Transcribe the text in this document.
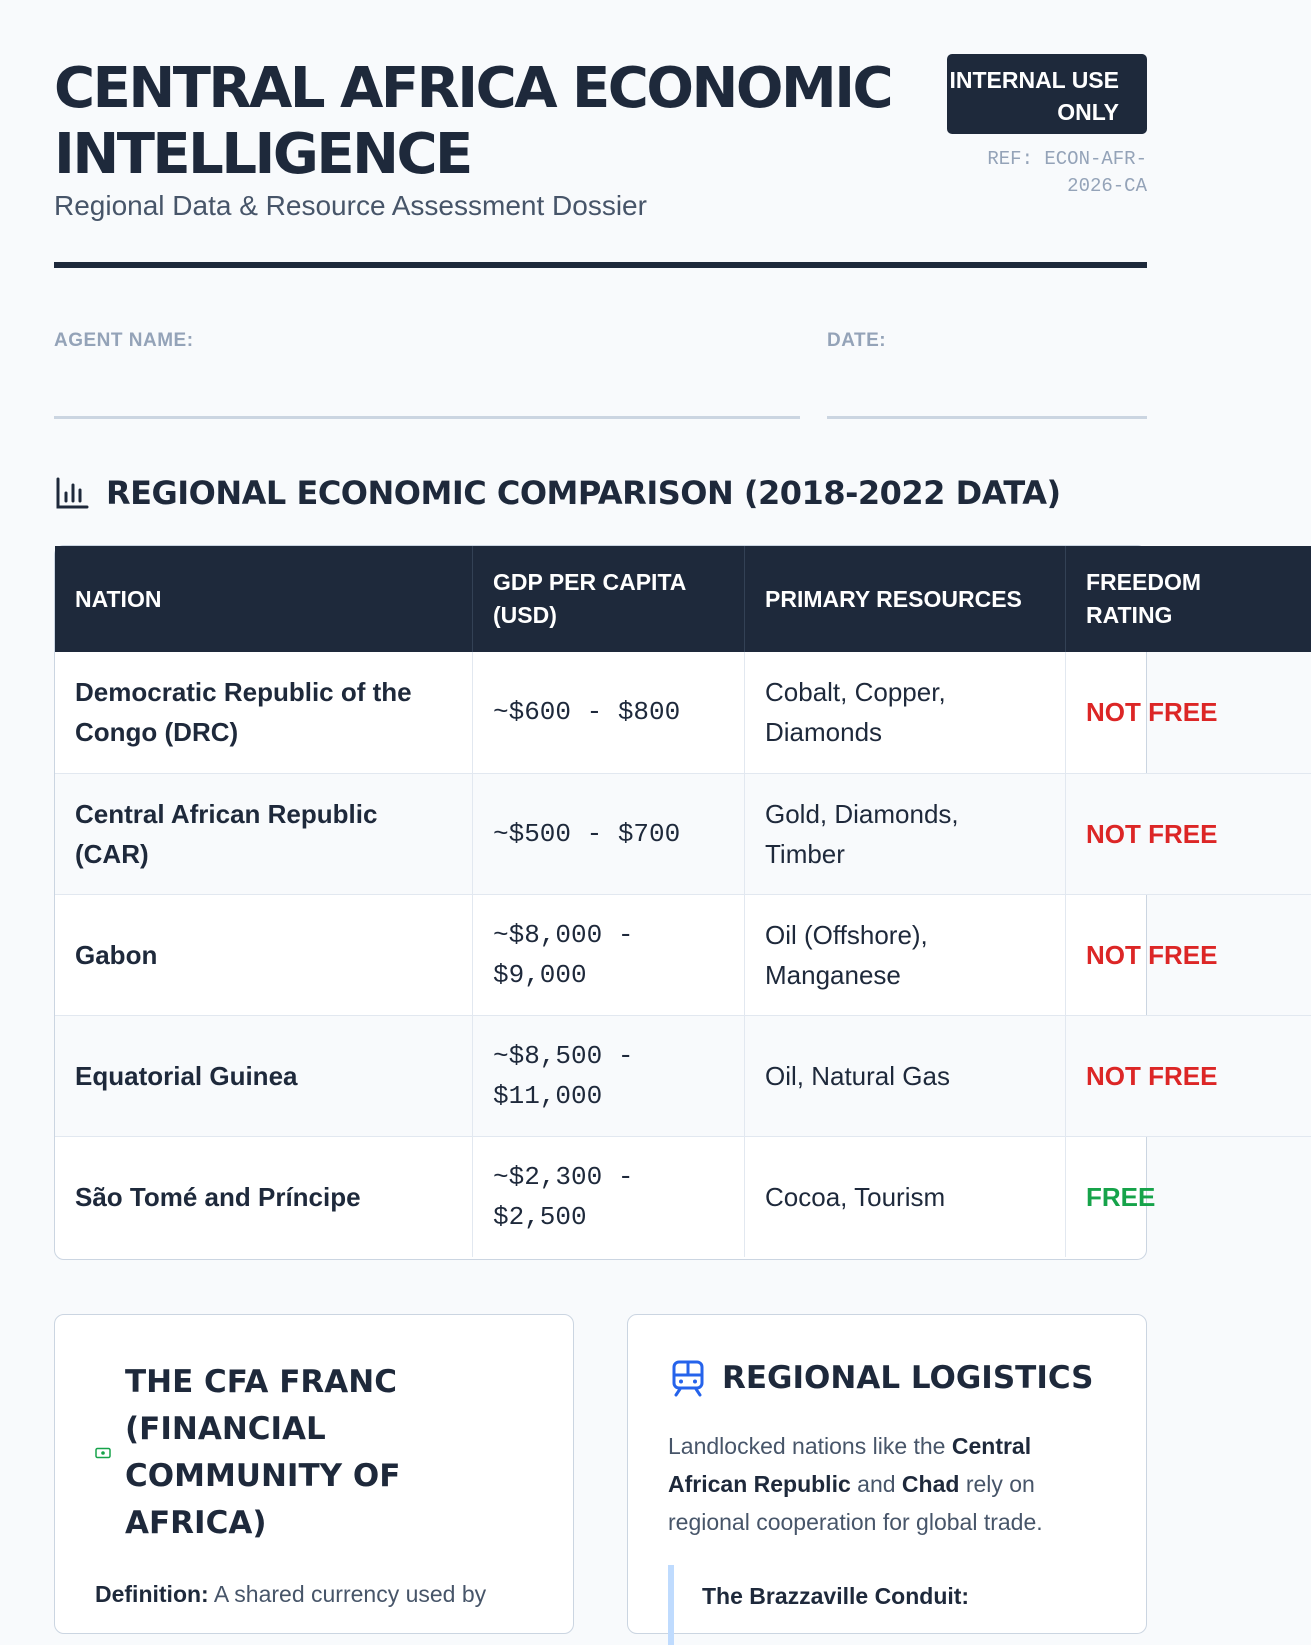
CENTRAL AFRICA ECONOMIC INTELLIGENCE
Regional Data & Resource Assessment Dossier
INTERNAL USE ONLY
REF: ECON-AFR-2026-CA
AGENT NAME:	DATE:
REGIONAL ECONOMIC COMPARISON (2018-2022 DATA)
NATION	GDP PER CAPITA (USD)	PRIMARY RESOURCES	FREEDOM RATING
Democratic Republic of the Congo (DRC)	~$600 - $800	Cobalt, Copper, Diamonds	NOT FREE
Central African Republic (CAR)	~$500 - $700	Gold, Diamonds, Timber	NOT FREE
Gabon	~$8,000 - $9,000	Oil (Offshore), Manganese	NOT FREE
Equatorial Guinea	~$8,500 - $11,000	Oil, Natural Gas	NOT FREE
São Tomé and Príncipe	~$2,300 - $2,500	Cocoa, Tourism	FREE
THE CFA FRANC (FINANCIAL COMMUNITY OF AFRICA)
Definition: A shared currency used by
REGIONAL LOGISTICS
Landlocked nations like the Central African Republic and Chad rely on regional cooperation for global trade.
The Brazzaville Conduit:
